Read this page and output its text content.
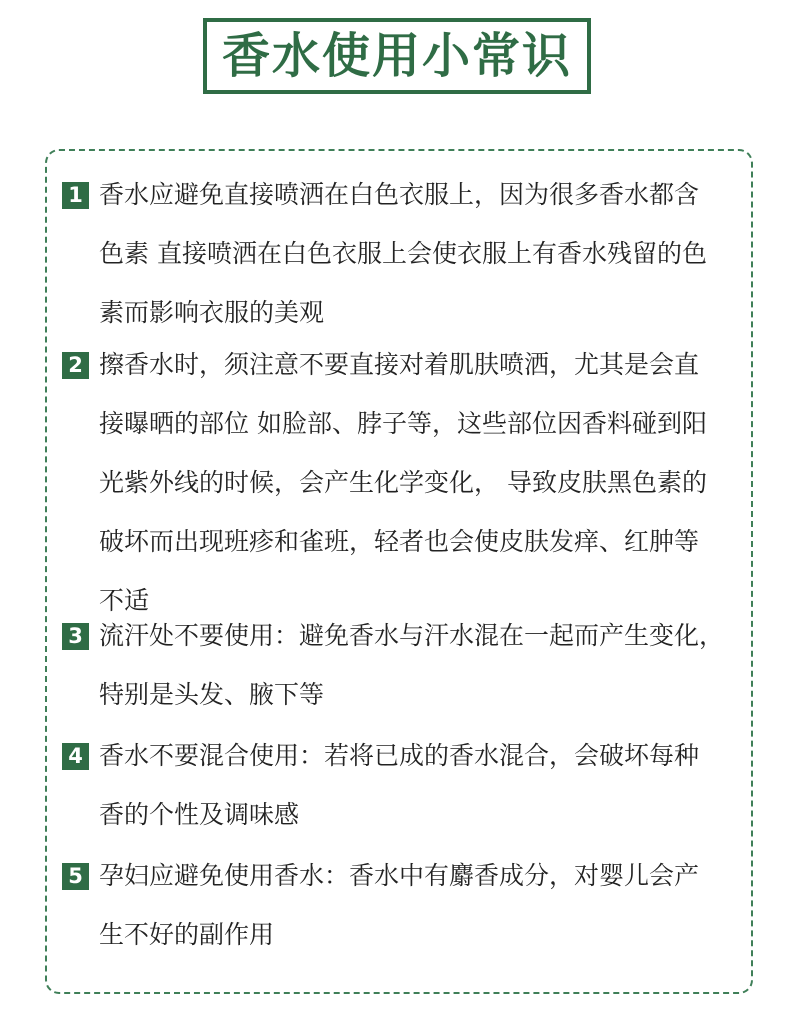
香水使用小常识
1 香水应避免直接喷洒在白色衣服上，因为很多香水都含
色素 直接喷洒在白色衣服上会使衣服上有香水残留的色
素而影响衣服的美观
2 擦香水时，须注意不要直接对着肌肤喷洒，尤其是会直
接曝晒的部位 如脸部、脖子等，这些部位因香料碰到阳
光紫外线的时候，会产生化学变化， 导致皮肤黑色素的
破坏而出现班疹和雀班，轻者也会使皮肤发痒、红肿等
不适
3 流汗处不要使用：避免香水与汗水混在一起而产生变化，
特别是头发、腋下等
4 香水不要混合使用：若将已成的香水混合，会破坏每种
香的个性及调味感
5 孕妇应避免使用香水：香水中有麝香成分，对婴儿会产
生不好的副作用
